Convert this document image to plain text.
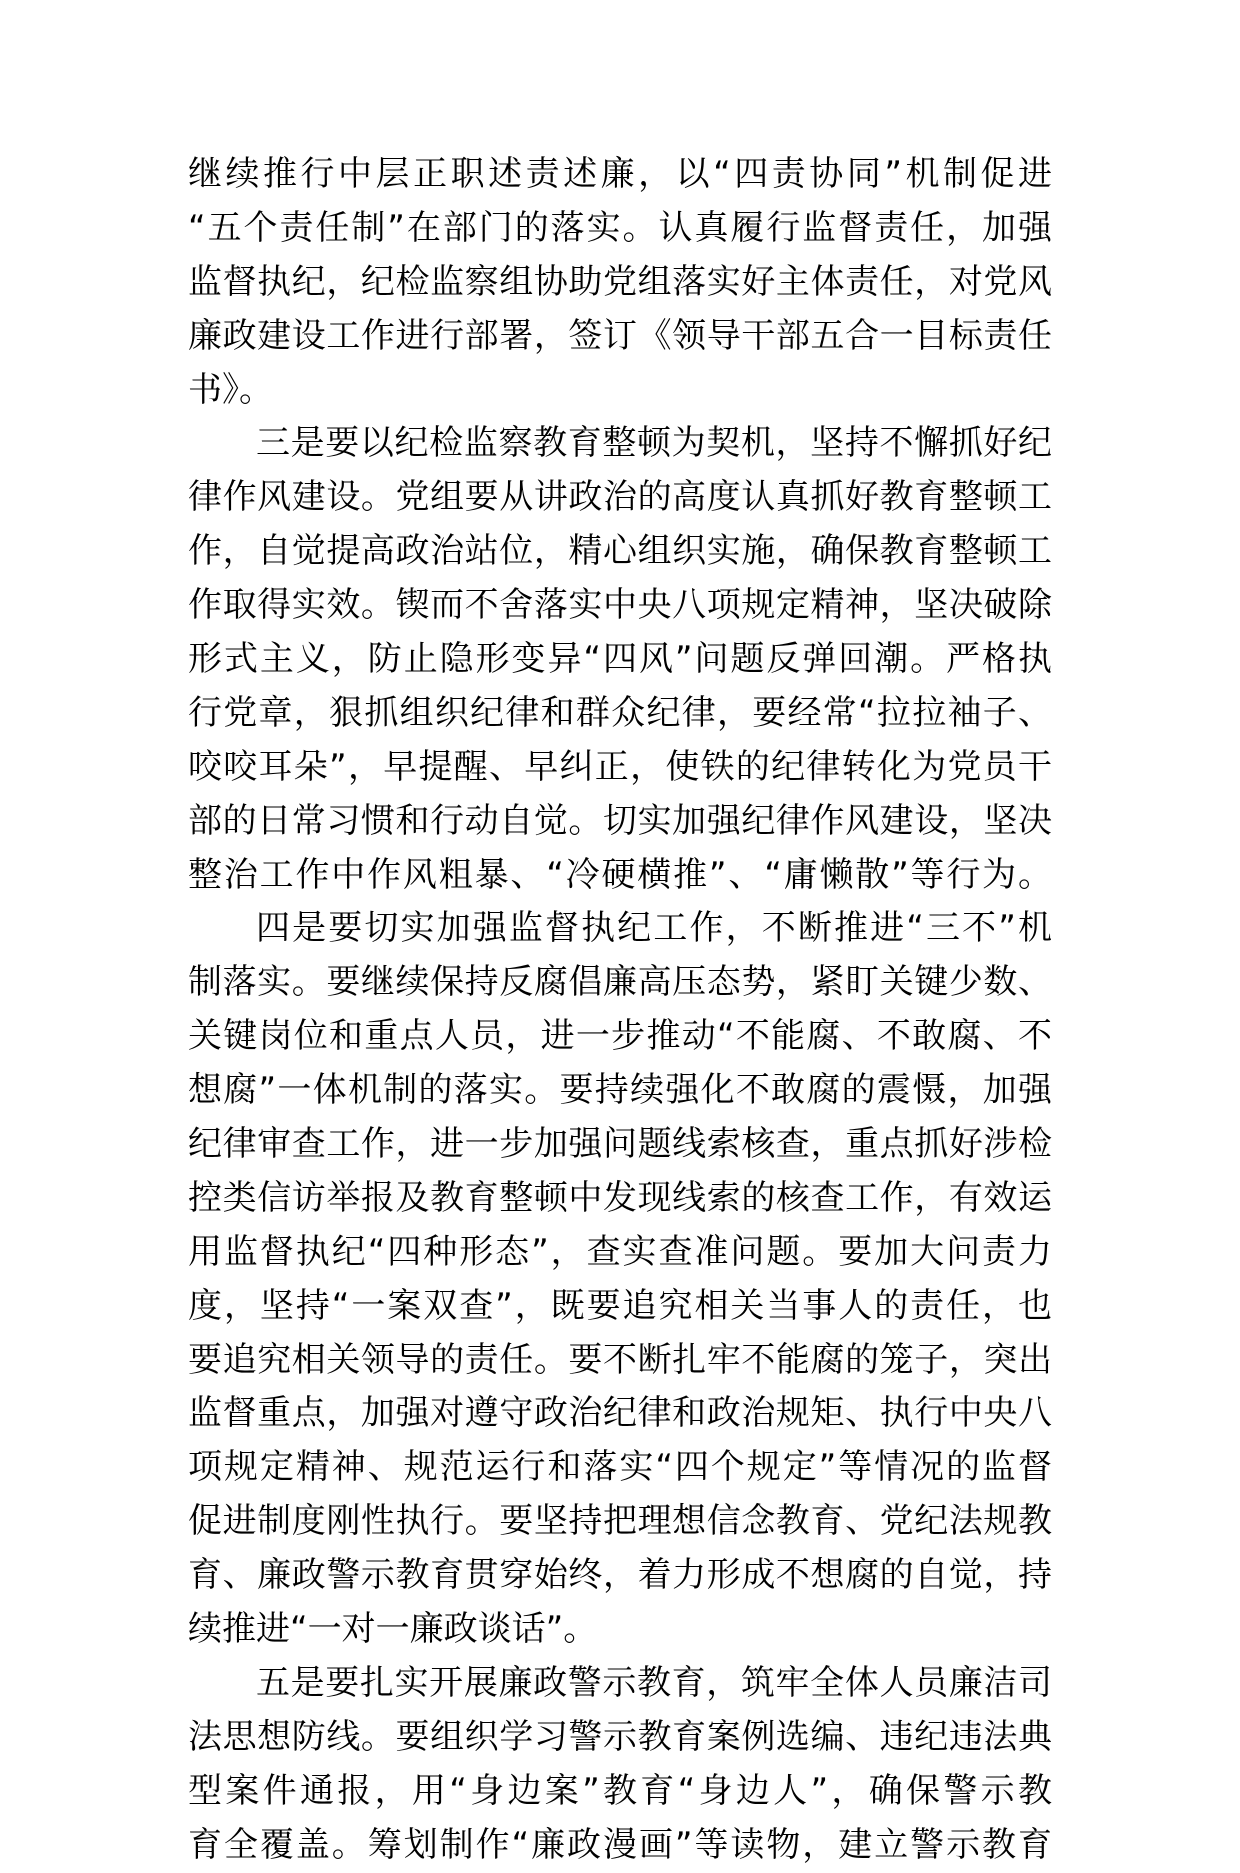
继续推行中层正职述责述廉，以“四责协同”机制促进
“五个责任制”在部门的落实。认真履行监督责任，加强
监督执纪，纪检监察组协助党组落实好主体责任，对党风
廉政建设工作进行部署，签订《领导干部五合一目标责任
书》。
三是要以纪检监察教育整顿为契机，坚持不懈抓好纪
律作风建设。党组要从讲政治的高度认真抓好教育整顿工
作，自觉提高政治站位，精心组织实施，确保教育整顿工
作取得实效。锲而不舍落实中央八项规定精神，坚决破除
形式主义，防止隐形变异“四风”问题反弹回潮。严格执
行党章，狠抓组织纪律和群众纪律，要经常“拉拉袖子、
咬咬耳朵”，早提醒、早纠正，使铁的纪律转化为党员干
部的日常习惯和行动自觉。切实加强纪律作风建设，坚决
整治工作中作风粗暴、“冷硬横推”、“庸懒散”等行为。
四是要切实加强监督执纪工作，不断推进“三不”机
制落实。要继续保持反腐倡廉高压态势，紧盯关键少数、
关键岗位和重点人员，进一步推动“不能腐、不敢腐、不
想腐”一体机制的落实。要持续强化不敢腐的震慑，加强
纪律审查工作，进一步加强问题线索核查，重点抓好涉检
控类信访举报及教育整顿中发现线索的核查工作，有效运
用监督执纪“四种形态”，查实查准问题。要加大问责力
度，坚持“一案双查”，既要追究相关当事人的责任，也
要追究相关领导的责任。要不断扎牢不能腐的笼子，突出
监督重点，加强对遵守政治纪律和政治规矩、执行中央八
项规定精神、规范运行和落实“四个规定”等情况的监督
促进制度刚性执行。要坚持把理想信念教育、党纪法规教
育、廉政警示教育贯穿始终，着力形成不想腐的自觉，持
续推进“一对一廉政谈话”。
五是要扎实开展廉政警示教育，筑牢全体人员廉洁司
法思想防线。要组织学习警示教育案例选编、违纪违法典
型案件通报，用“身边案”教育“身边人”，确保警示教
育全覆盖。筹划制作“廉政漫画”等读物，建立警示教育
